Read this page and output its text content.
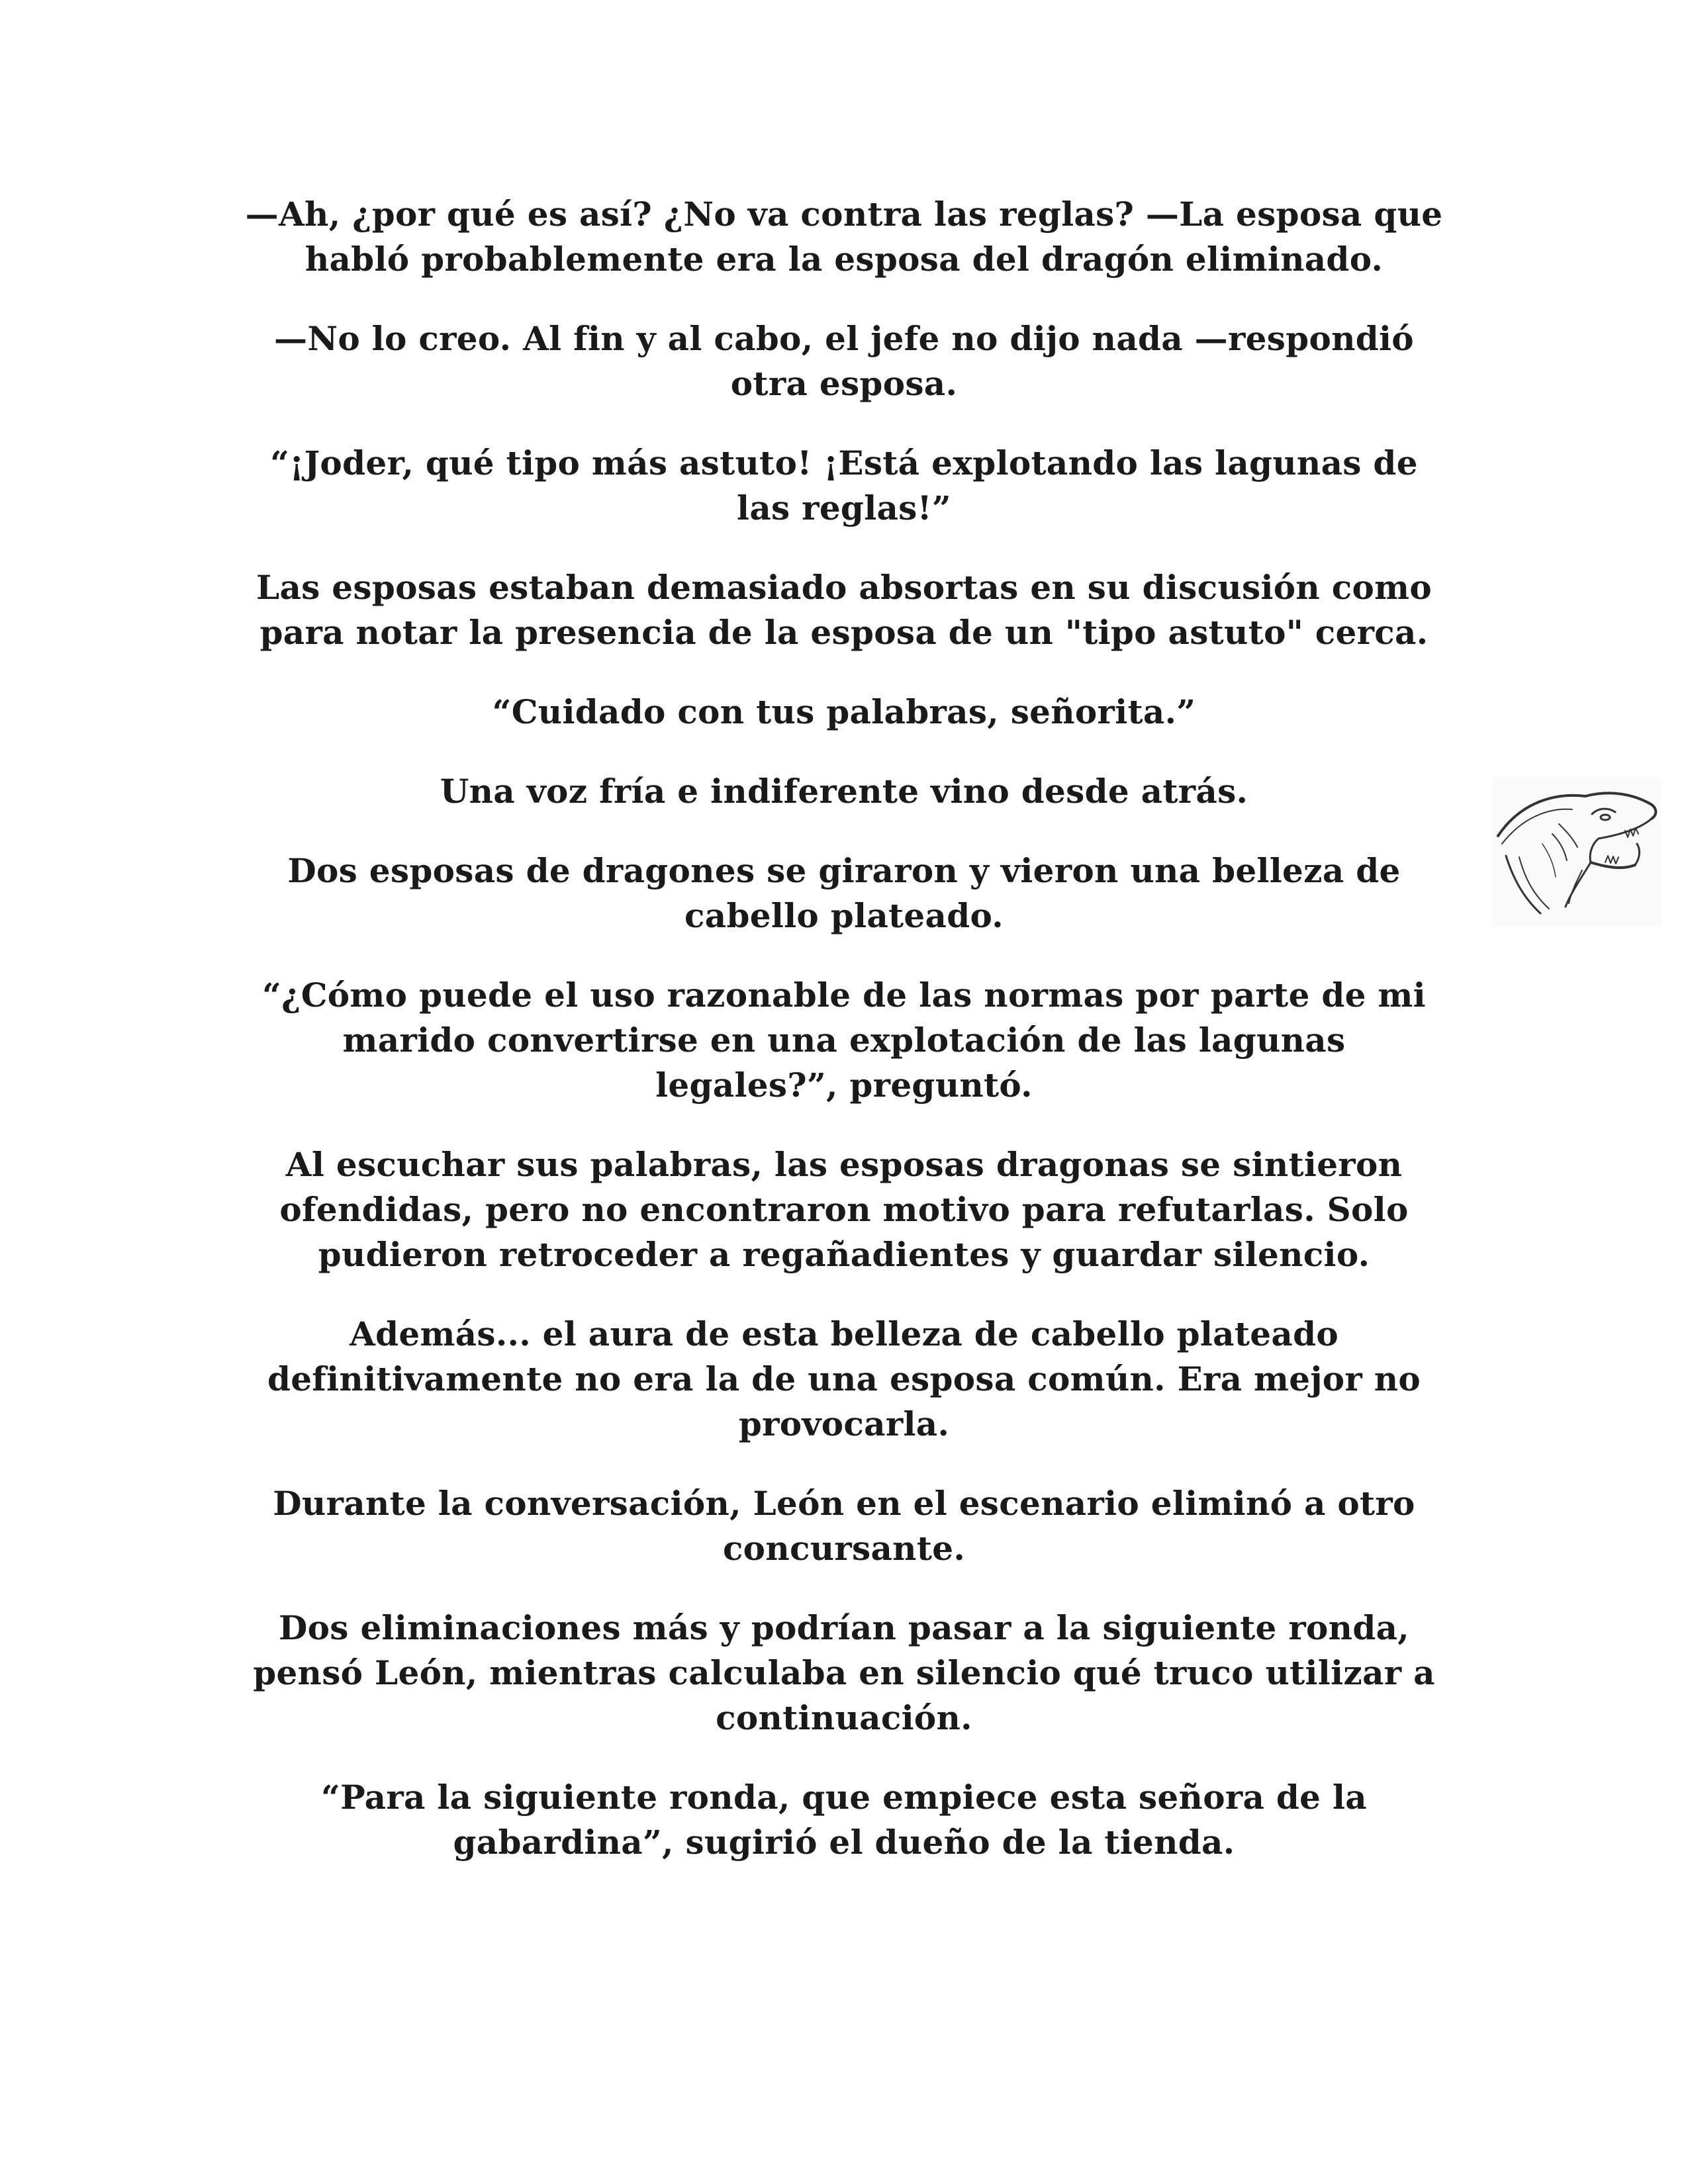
—Ah, ¿por qué es así? ¿No va contra las reglas? —La esposa que
habló probablemente era la esposa del dragón eliminado.

—No lo creo. Al fin y al cabo, el jefe no dijo nada —respondió
otra esposa.

“¡Joder, qué tipo más astuto! ¡Está explotando las lagunas de
las reglas!”

Las esposas estaban demasiado absortas en su discusión como
para notar la presencia de la esposa de un "tipo astuto" cerca.

“Cuidado con tus palabras, señorita.”

Una voz fría e indiferente vino desde atrás.

Dos esposas de dragones se giraron y vieron una belleza de
cabello plateado.

“¿Cómo puede el uso razonable de las normas por parte de mi
marido convertirse en una explotación de las lagunas
legales?”, preguntó.

Al escuchar sus palabras, las esposas dragonas se sintieron
ofendidas, pero no encontraron motivo para refutarlas. Solo
pudieron retroceder a regañadientes y guardar silencio.

Además... el aura de esta belleza de cabello plateado
definitivamente no era la de una esposa común. Era mejor no
provocarla.

Durante la conversación, León en el escenario eliminó a otro
concursante.

Dos eliminaciones más y podrían pasar a la siguiente ronda,
pensó León, mientras calculaba en silencio qué truco utilizar a
continuación.

“Para la siguiente ronda, que empiece esta señora de la
gabardina”, sugirió el dueño de la tienda.
